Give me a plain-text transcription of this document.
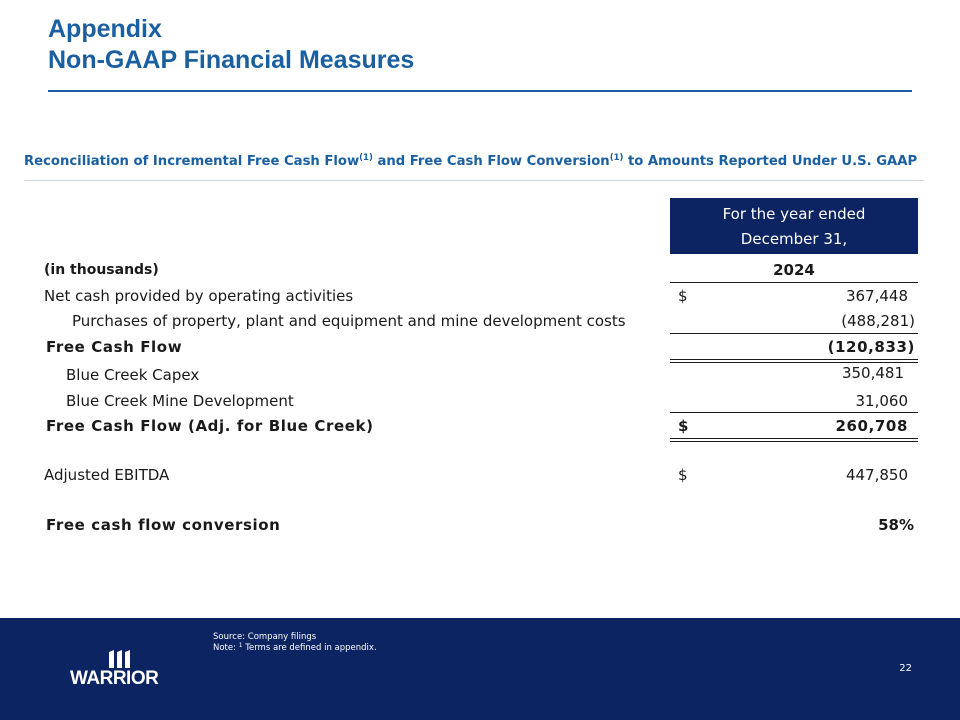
Appendix
Non-GAAP Financial Measures
Reconciliation of Incremental Free Cash Flow$^{(1)}$ and Free Cash Flow Conversion$^{(1)}$ to Amounts Reported Under U.S. GAAP
For the year ended
December 31,
(in thousands)	2024
Net cash provided by operating activities	$	367,448
Purchases of property, plant and equipment and mine development costs	(488,281)
Free Cash Flow	(120,833)
Blue Creek Capex	350,481
Blue Creek Mine Development	31,060
Free Cash Flow (Adj. for Blue Creek)	$	260,708
Adjusted EBITDA	$	447,850
Free cash flow conversion	58%
WARRIOR
Source: Company filings
Note: $^1$ Terms are defined in appendix.
22
